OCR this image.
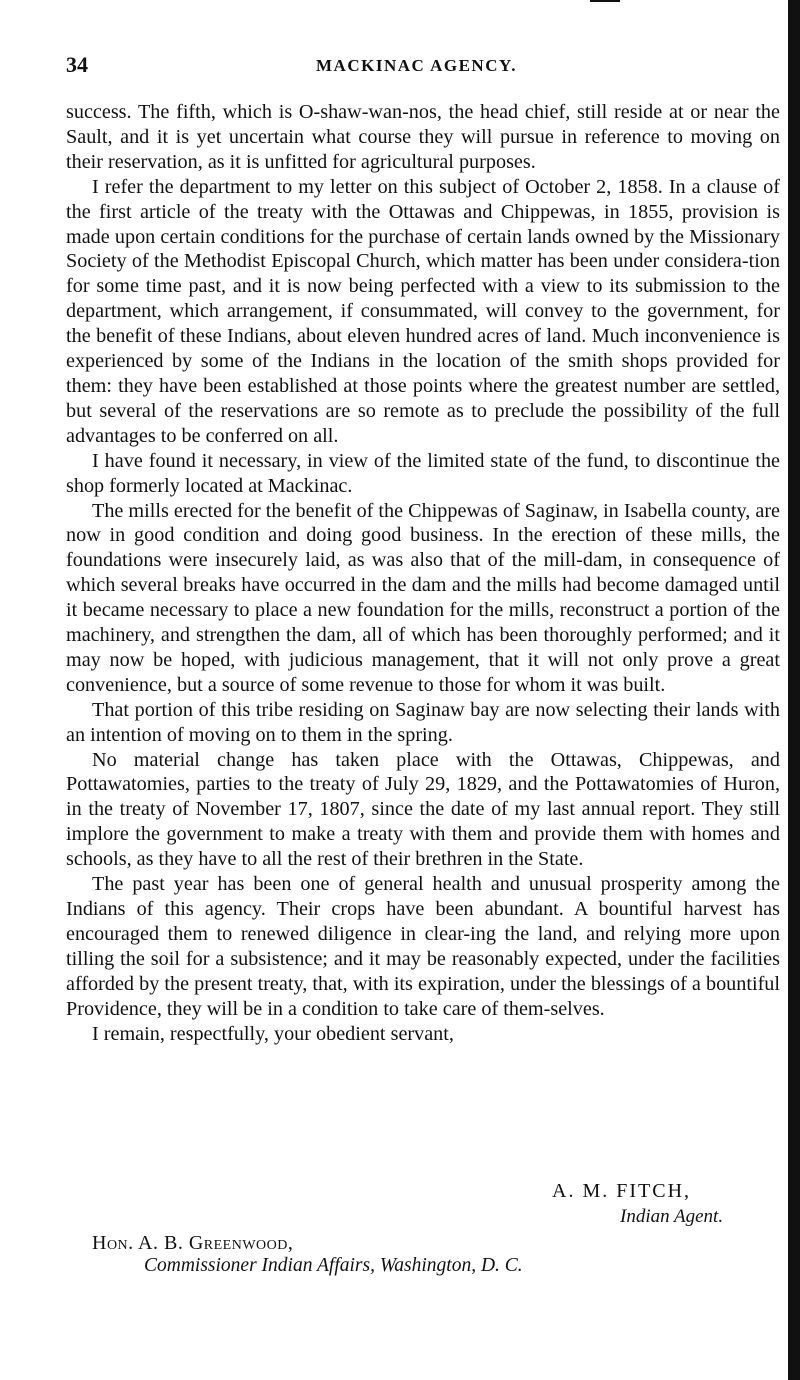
34	MACKINAC AGENCY.

success. The fifth, which is O-shaw-wan-nos, the head chief, still reside at or near the Sault, and it is yet uncertain what course they will pursue in reference to moving on their reservation, as it is unfitted for agricultural purposes.

I refer the department to my letter on this subject of October 2, 1858. In a clause of the first article of the treaty with the Ottawas and Chippewas, in 1855, provision is made upon certain conditions for the purchase of certain lands owned by the Missionary Society of the Methodist Episcopal Church, which matter has been under considera-tion for some time past, and it is now being perfected with a view to its submission to the department, which arrangement, if consummated, will convey to the government, for the benefit of these Indians, about eleven hundred acres of land. Much inconvenience is experienced by some of the Indians in the location of the smith shops provided for them: they have been established at those points where the greatest number are settled, but several of the reservations are so remote as to preclude the possibility of the full advantages to be conferred on all.

I have found it necessary, in view of the limited state of the fund, to discontinue the shop formerly located at Mackinac.

The mills erected for the benefit of the Chippewas of Saginaw, in Isabella county, are now in good condition and doing good business. In the erection of these mills, the foundations were insecurely laid, as was also that of the mill-dam, in consequence of which several breaks have occurred in the dam and the mills had become damaged until it became necessary to place a new foundation for the mills, reconstruct a portion of the machinery, and strengthen the dam, all of which has been thoroughly performed; and it may now be hoped, with judicious management, that it will not only prove a great convenience, but a source of some revenue to those for whom it was built.

That portion of this tribe residing on Saginaw bay are now selecting their lands with an intention of moving on to them in the spring.

No material change has taken place with the Ottawas, Chippewas, and Pottawatomies, parties to the treaty of July 29, 1829, and the Pottawatomies of Huron, in the treaty of November 17, 1807, since the date of my last annual report. They still implore the government to make a treaty with them and provide them with homes and schools, as they have to all the rest of their brethren in the State.

The past year has been one of general health and unusual prosperity among the Indians of this agency. Their crops have been abundant. A bountiful harvest has encouraged them to renewed diligence in clear-ing the land, and relying more upon tilling the soil for a subsistence; and it may be reasonably expected, under the facilities afforded by the present treaty, that, with its expiration, under the blessings of a bountiful Providence, they will be in a condition to take care of them-selves.

I remain, respectfully, your obedient servant,

A. M. FITCH,
Indian Agent.
Hon. A. B. Greenwood,
Commissioner Indian Affairs, Washington, D. C.
